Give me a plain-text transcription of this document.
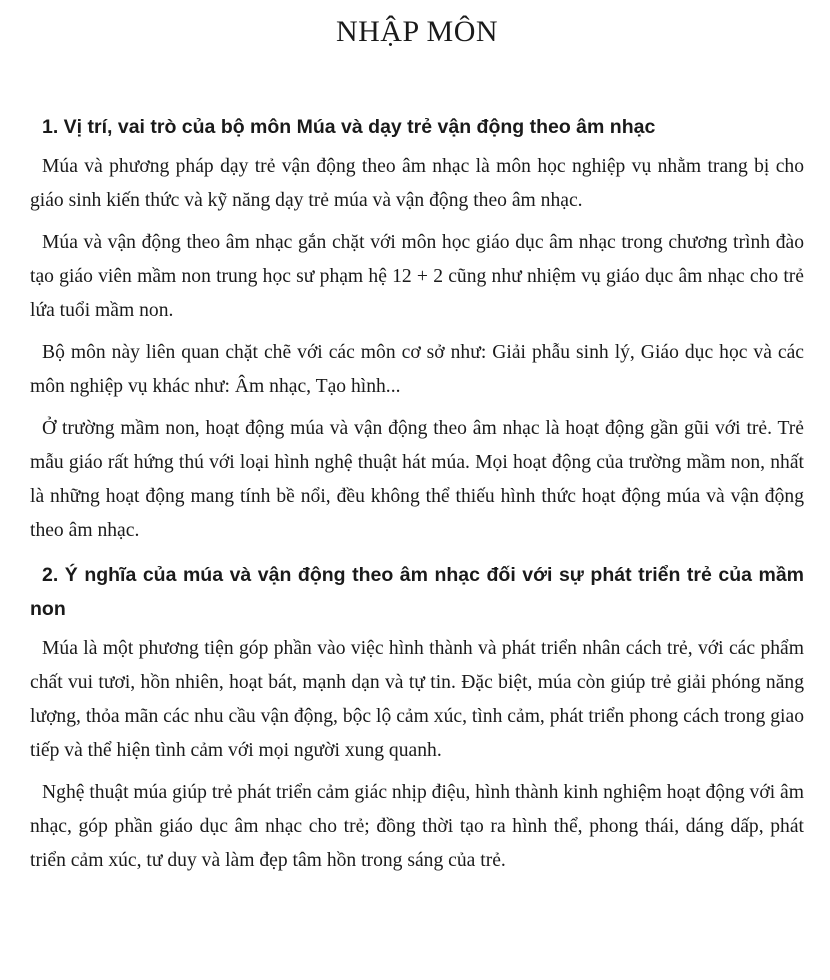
NHẬP MÔN
1. Vị trí, vai trò của bộ môn Múa và dạy trẻ vận động theo âm nhạc

Múa và phương pháp dạy trẻ vận động theo âm nhạc là môn học nghiệp vụ nhằm trang bị cho giáo sinh kiến thức và kỹ năng dạy trẻ múa và vận động theo âm nhạc.

Múa và vận động theo âm nhạc gắn chặt với môn học giáo dục âm nhạc trong chương trình đào tạo giáo viên mầm non trung học sư phạm hệ 12 + 2 cũng như nhiệm vụ giáo dục âm nhạc cho trẻ lứa tuổi mầm non.

Bộ môn này liên quan chặt chẽ với các môn cơ sở như: Giải phẫu sinh lý, Giáo dục học và các môn nghiệp vụ khác như: Âm nhạc, Tạo hình...

Ở trường mầm non, hoạt động múa và vận động theo âm nhạc là hoạt động gần gũi với trẻ. Trẻ mẫu giáo rất hứng thú với loại hình nghệ thuật hát múa. Mọi hoạt động của trường mầm non, nhất là những hoạt động mang tính bề nổi, đều không thể thiếu hình thức hoạt động múa và vận động theo âm nhạc.

2. Ý nghĩa của múa và vận động theo âm nhạc đối với sự phát triển trẻ của mầm non

Múa là một phương tiện góp phần vào việc hình thành và phát triển nhân cách trẻ, với các phẩm chất vui tươi, hồn nhiên, hoạt bát, mạnh dạn và tự tin. Đặc biệt, múa còn giúp trẻ giải phóng năng lượng, thỏa mãn các nhu cầu vận động, bộc lộ cảm xúc, tình cảm, phát triển phong cách trong giao tiếp và thể hiện tình cảm với mọi người xung quanh.

Nghệ thuật múa giúp trẻ phát triển cảm giác nhịp điệu, hình thành kinh nghiệm hoạt động với âm nhạc, góp phần giáo dục âm nhạc cho trẻ; đồng thời tạo ra hình thể, phong thái, dáng dấp, phát triển cảm xúc, tư duy và làm đẹp tâm hồn trong sáng của trẻ.
